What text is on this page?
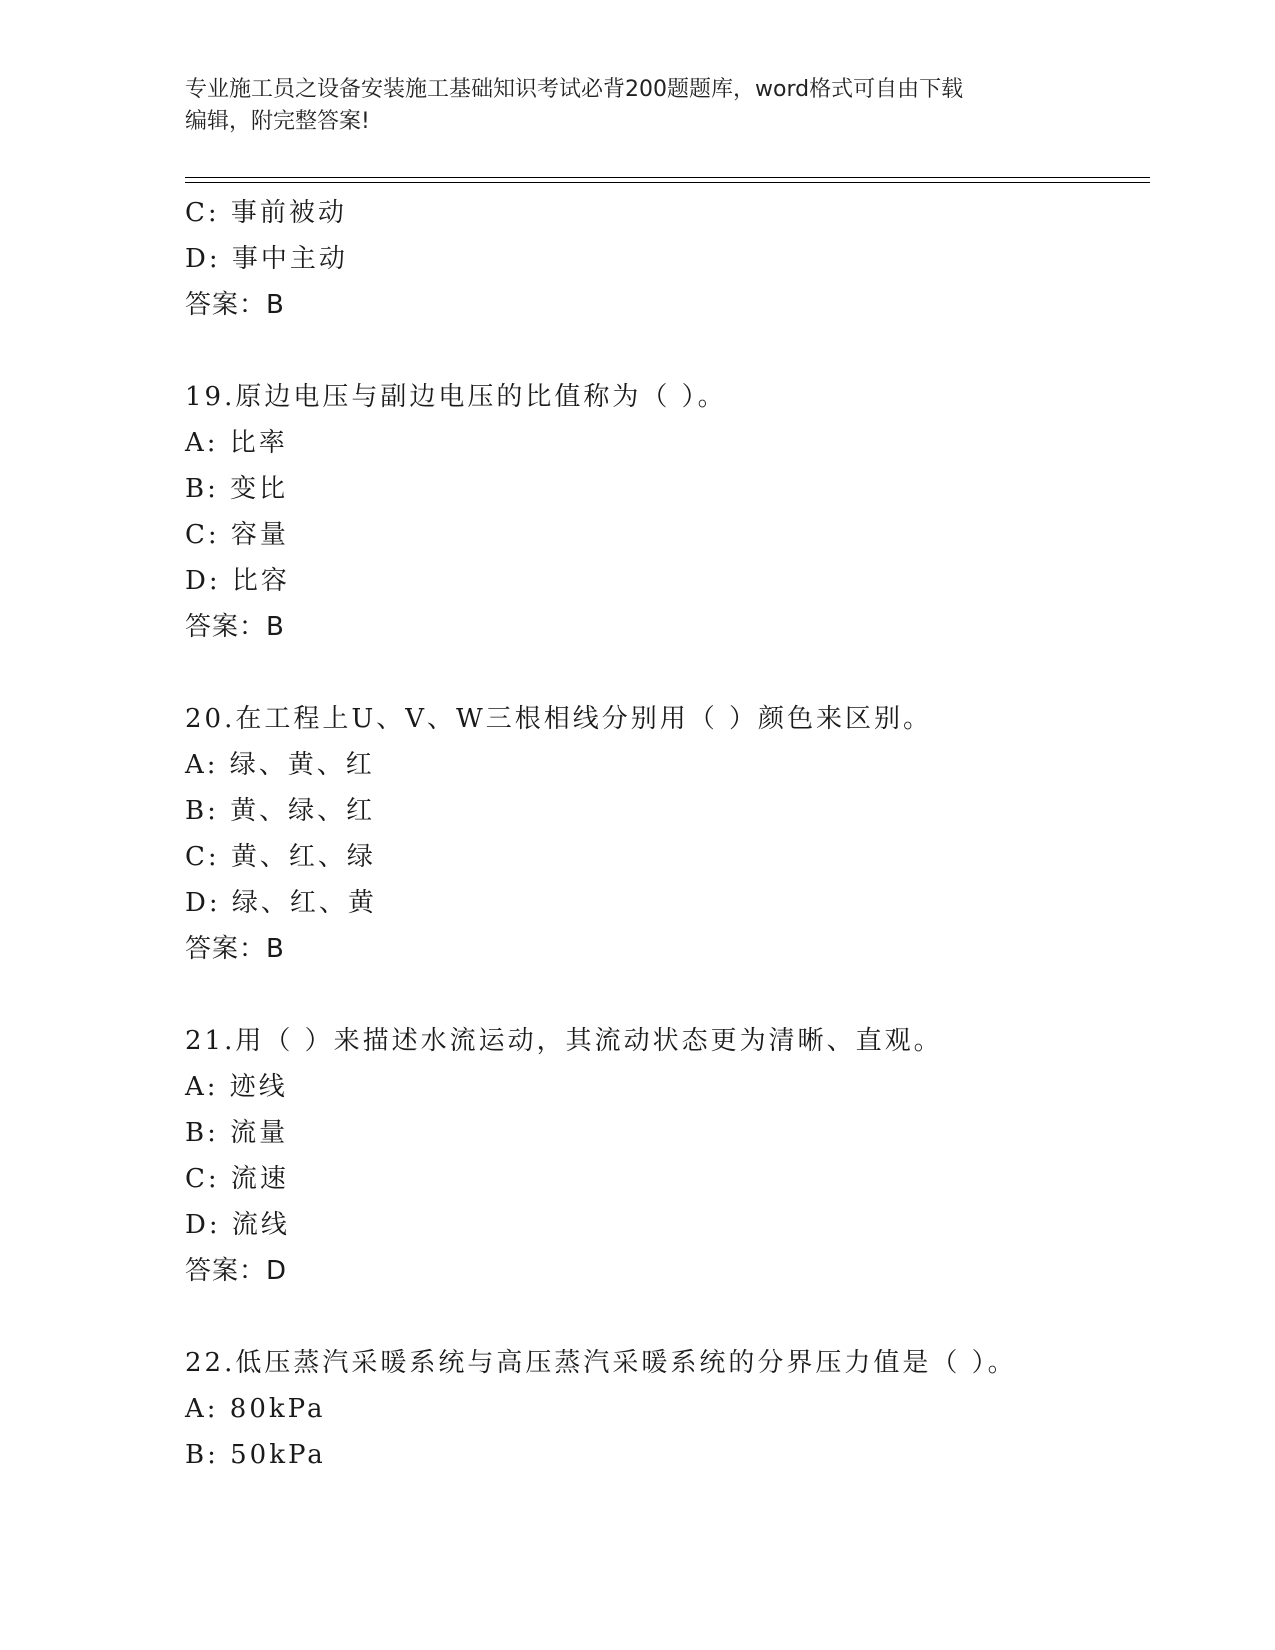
专业施工员之设备安装施工基础知识考试必背200题题库，word格式可自由下载
编辑，附完整答案!
C: 事前被动
D: 事中主动
答案：B
19.原边电压与副边电压的比值称为（ ）。
A: 比率
B: 变比
C: 容量
D: 比容
答案：B
20.在工程上U、V、W三根相线分别用（ ）颜色来区别。
A: 绿、黄、红
B: 黄、绿、红
C: 黄、红、绿
D: 绿、红、黄
答案：B
21.用（ ）来描述水流运动，其流动状态更为清晰、直观。
A: 迹线
B: 流量
C: 流速
D: 流线
答案：D
22.低压蒸汽采暖系统与高压蒸汽采暖系统的分界压力值是（ ）。
A: 80kPa
B: 50kPa
